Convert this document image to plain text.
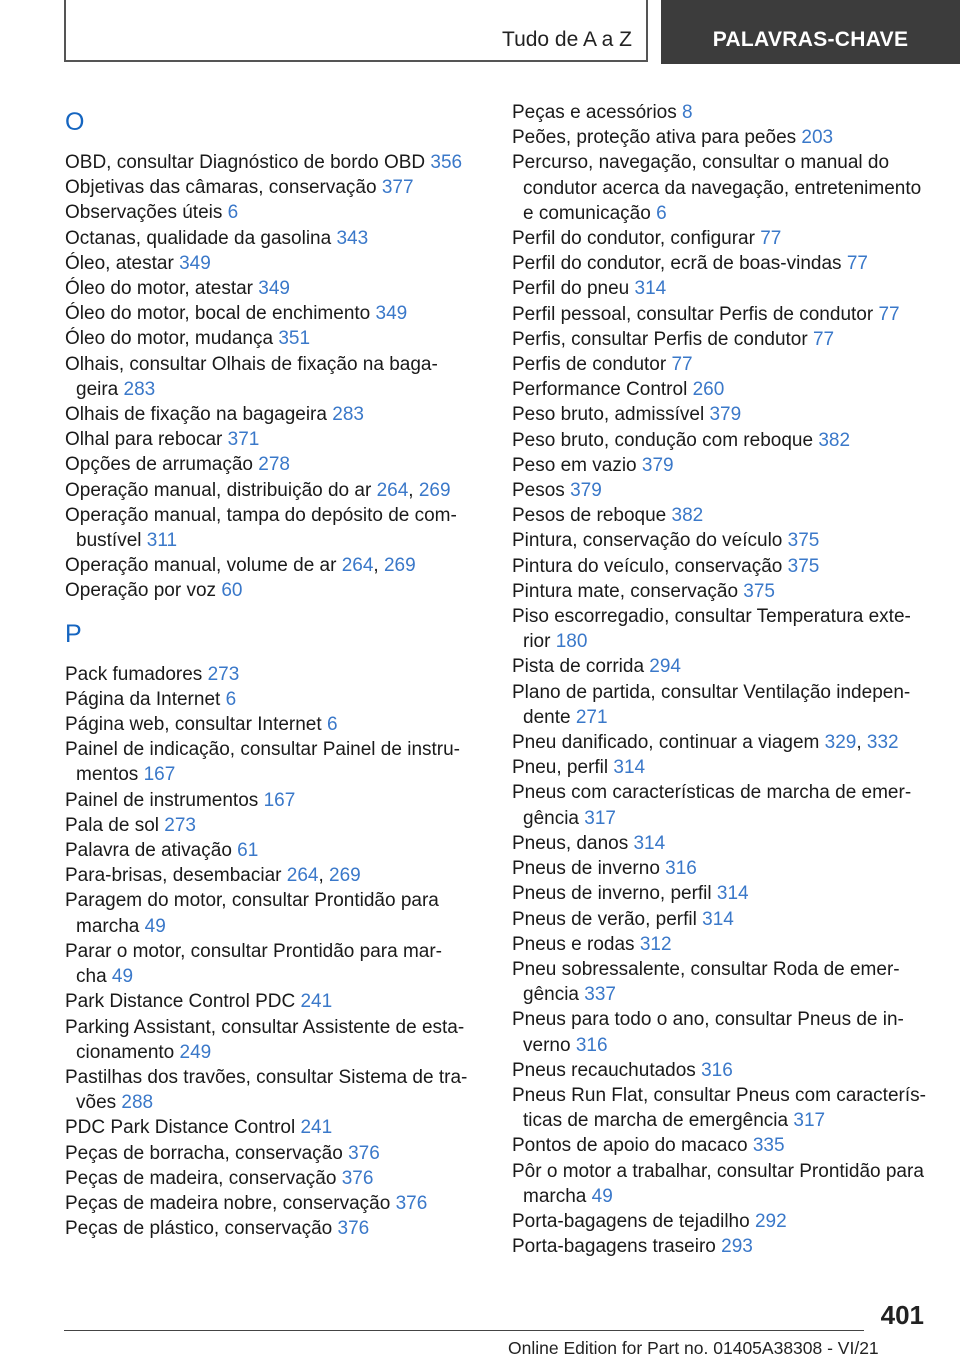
Tudo de A a Z	PALAVRAS-CHAVE
O
OBD, consultar Diagnóstico de bordo OBD 356
Objetivas das câmaras, conservação 377
Observações úteis 6
Octanas, qualidade da gasolina 343
Óleo, atestar 349
Óleo do motor, atestar 349
Óleo do motor, bocal de enchimento 349
Óleo do motor, mudança 351
Olhais, consultar Olhais de fixação na baga-
geira 283
Olhais de fixação na bagageira 283
Olhal para rebocar 371
Opções de arrumação 278
Operação manual, distribuição do ar 264, 269
Operação manual, tampa do depósito de com-
bustível 311
Operação manual, volume de ar 264, 269
Operação por voz 60
P
Pack fumadores 273
Página da Internet 6
Página web, consultar Internet 6
Painel de indicação, consultar Painel de instru-
mentos 167
Painel de instrumentos 167
Pala de sol 273
Palavra de ativação 61
Para-brisas, desembaciar 264, 269
Paragem do motor, consultar Prontidão para
marcha 49
Parar o motor, consultar Prontidão para mar-
cha 49
Park Distance Control PDC 241
Parking Assistant, consultar Assistente de esta-
cionamento 249
Pastilhas dos travões, consultar Sistema de tra-
vões 288
PDC Park Distance Control 241
Peças de borracha, conservação 376
Peças de madeira, conservação 376
Peças de madeira nobre, conservação 376
Peças de plástico, conservação 376
Peças e acessórios 8
Peões, proteção ativa para peões 203
Percurso, navegação, consultar o manual do
condutor acerca da navegação, entretenimento
e comunicação 6
Perfil do condutor, configurar 77
Perfil do condutor, ecrã de boas-vindas 77
Perfil do pneu 314
Perfil pessoal, consultar Perfis de condutor 77
Perfis, consultar Perfis de condutor 77
Perfis de condutor 77
Performance Control 260
Peso bruto, admissível 379
Peso bruto, condução com reboque 382
Peso em vazio 379
Pesos 379
Pesos de reboque 382
Pintura, conservação do veículo 375
Pintura do veículo, conservação 375
Pintura mate, conservação 375
Piso escorregadio, consultar Temperatura exte-
rior 180
Pista de corrida 294
Plano de partida, consultar Ventilação indepen-
dente 271
Pneu danificado, continuar a viagem 329, 332
Pneu, perfil 314
Pneus com características de marcha de emer-
gência 317
Pneus, danos 314
Pneus de inverno 316
Pneus de inverno, perfil 314
Pneus de verão, perfil 314
Pneus e rodas 312
Pneu sobressalente, consultar Roda de emer-
gência 337
Pneus para todo o ano, consultar Pneus de in-
verno 316
Pneus recauchutados 316
Pneus Run Flat, consultar Pneus com caracterís-
ticas de marcha de emergência 317
Pontos de apoio do macaco 335
Pôr o motor a trabalhar, consultar Prontidão para
marcha 49
Porta-bagagens de tejadilho 292
Porta-bagagens traseiro 293
401
Online Edition for Part no. 01405A38308 - VI/21
